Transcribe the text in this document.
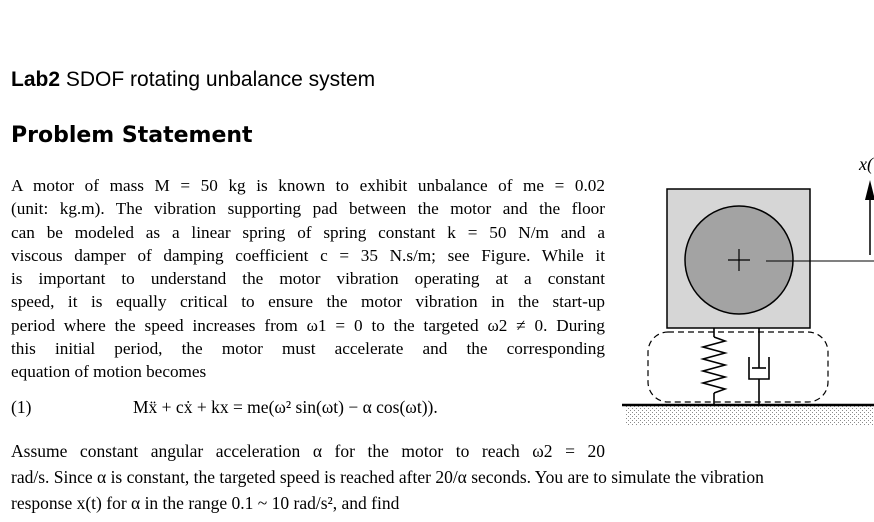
Lab2 SDOF rotating unbalance system
Problem Statement
A motor of mass M = 50 kg is known to exhibit unbalance of me = 0.02
(unit: kg.m). The vibration supporting pad between the motor and the floor
can be modeled as a linear spring of spring constant k = 50 N/m and a
viscous damper of damping coefficient c = 35 N.s/m; see Figure. While it
is important to understand the motor vibration operating at a constant
speed, it is equally critical to ensure the motor vibration in the start-up
period where the speed increases from ω1 = 0 to the targeted ω2 ≠ 0. During
this initial period, the motor must accelerate and the corresponding
equation of motion becomes
(1)	Mẍ + cẋ + kx = me(ω² sin(ωt) − α cos(ωt)).
Assume constant angular acceleration α for the motor to reach ω2 = 20
rad/s. Since α is constant, the targeted speed is reached after 20/α seconds. You are to simulate the vibration
response x(t) for α in the range 0.1 ~ 10 rad/s², and find
x(
